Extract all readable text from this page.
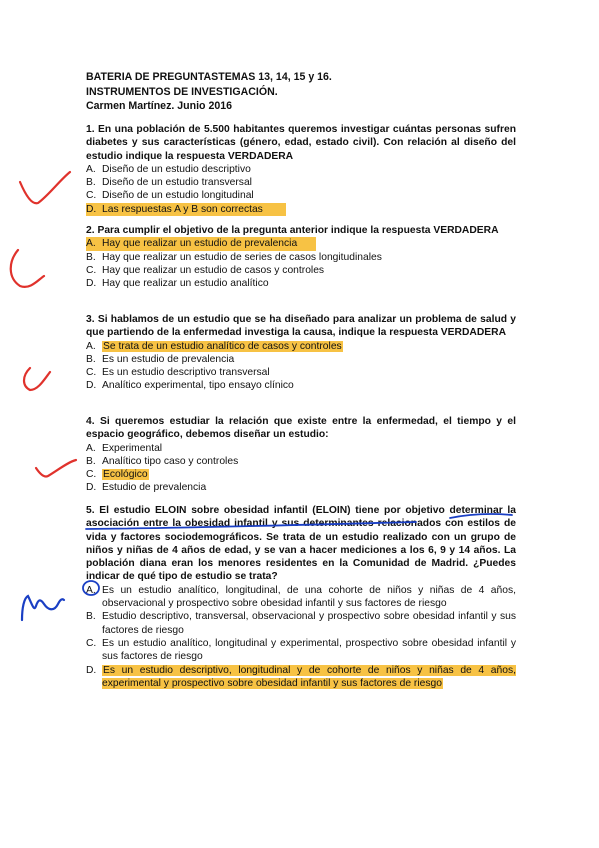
BATERIA DE PREGUNTASTEMAS 13, 14, 15 y 16.
INSTRUMENTOS DE INVESTIGACIÓN.
Carmen Martínez. Junio 2016
1. En una población de 5.500 habitantes queremos investigar cuántas personas sufren diabetes y sus características (género, edad, estado civil). Con relación al diseño del estudio indique la respuesta VERDADERA
A. Diseño de un estudio descriptivo
B. Diseño de un estudio transversal
C. Diseño de un estudio longitudinal
D. Las respuestas A y B son correctas
2. Para cumplir el objetivo de la pregunta anterior indique la respuesta VERDADERA
A. Hay que realizar un estudio de prevalencia
B. Hay que realizar un estudio de series de casos longitudinales
C. Hay que realizar un estudio de casos y controles
D. Hay que realizar un estudio analítico
3. Si hablamos de un estudio que se ha diseñado para analizar un problema de salud y que partiendo de la enfermedad investiga la causa, indique la respuesta VERDADERA
A. Se trata de un estudio analítico de casos y controles
B. Es un estudio de prevalencia
C. Es un estudio descriptivo transversal
D. Analítico experimental, tipo ensayo clínico
4. Si queremos estudiar la relación que existe entre la enfermedad, el tiempo y el espacio geográfico, debemos diseñar un estudio:
A. Experimental
B. Analítico tipo caso y controles
C. Ecológico
D. Estudio de prevalencia
5. El estudio ELOIN sobre obesidad infantil (ELOIN) tiene por objetivo determinar la asociación entre la obesidad infantil y sus determinantes relacionados con estilos de vida y factores sociodemográficos. Se trata de un estudio realizado con un grupo de niños y niñas de 4 años de edad, y se van a hacer mediciones a los 6, 9 y 14 años. La población diana eran los menores residentes en la Comunidad de Madrid. ¿Puedes indicar de qué tipo de estudio se trata?
A. Es un estudio analítico, longitudinal, de una cohorte de niños y niñas de 4 años, observacional y prospectivo sobre obesidad infantil y sus factores de riesgo
B. Estudio descriptivo, transversal, observacional y prospectivo sobre obesidad infantil y sus factores de riesgo
C. Es un estudio analítico, longitudinal y experimental, prospectivo sobre obesidad infantil y sus factores de riesgo
D. Es un estudio descriptivo, longitudinal y de cohorte de niños y niñas de 4 años, experimental y prospectivo sobre obesidad infantil y sus factores de riesgo
